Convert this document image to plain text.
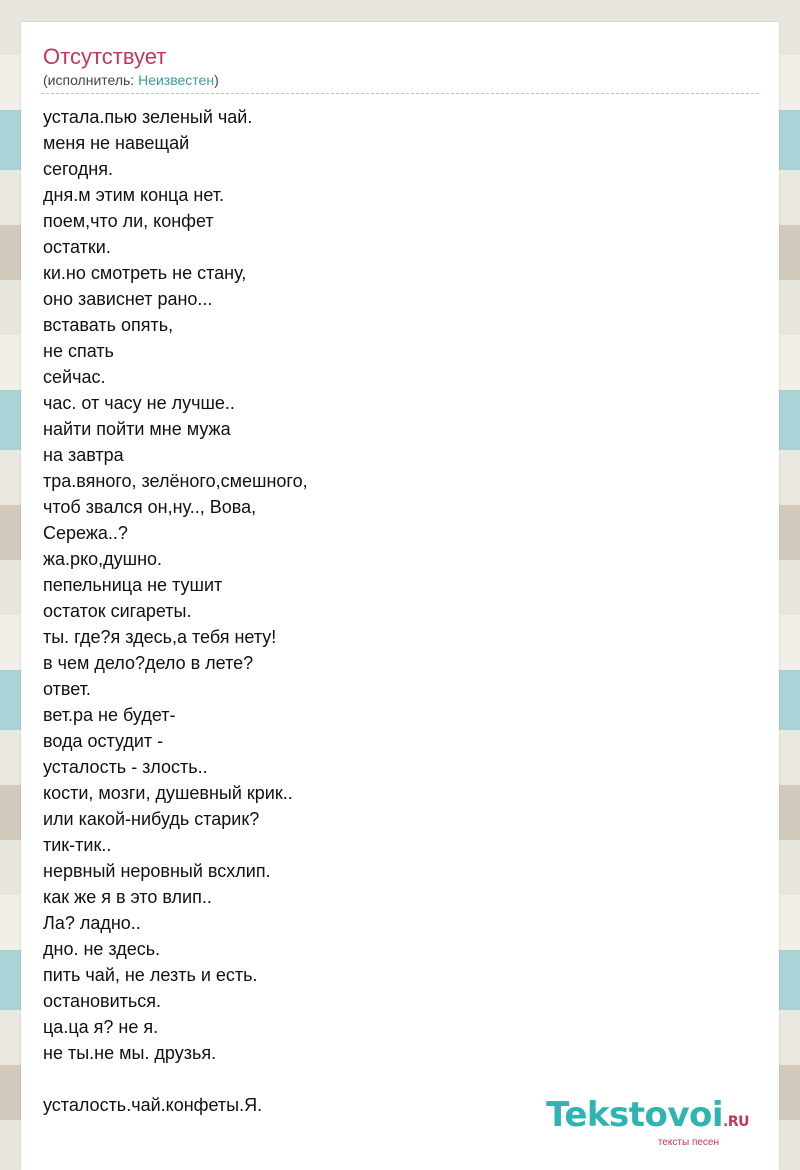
Отсутствует
(исполнитель: Неизвестен)
устала.пью зеленый чай.
меня не навещай
сегодня.
дня.м этим конца нет.
поем,что ли, конфет
остатки.
ки.но смотреть не стану,
оно зависнет рано...
вставать опять,
не спать
сейчас.
час. от часу не лучше..
найти пойти мне мужа
на завтра
тра.вяного, зелёного,смешного,
чтоб звался он,ну.., Вова,
Сережа..?
жа.рко,душно.
пепельница не тушит
остаток сигареты.
ты. где?я здесь,а тебя нету!
в чем дело?дело в лете?
ответ.
вет.ра не будет-
вода остудит -
усталость - злость..
кости, мозги, душевный крик..
или какой-нибудь старик?
тик-тик..
нервный неровный всхлип.
как же я в это влип..
Ла? ладно..
дно. не здесь.
пить чай, не лезть и есть.
остановиться.
ца.ца я? не я.
не ты.не мы. друзья.
усталость.чай.конфеты.Я.	Tekstovoi.RU
тексты песен
